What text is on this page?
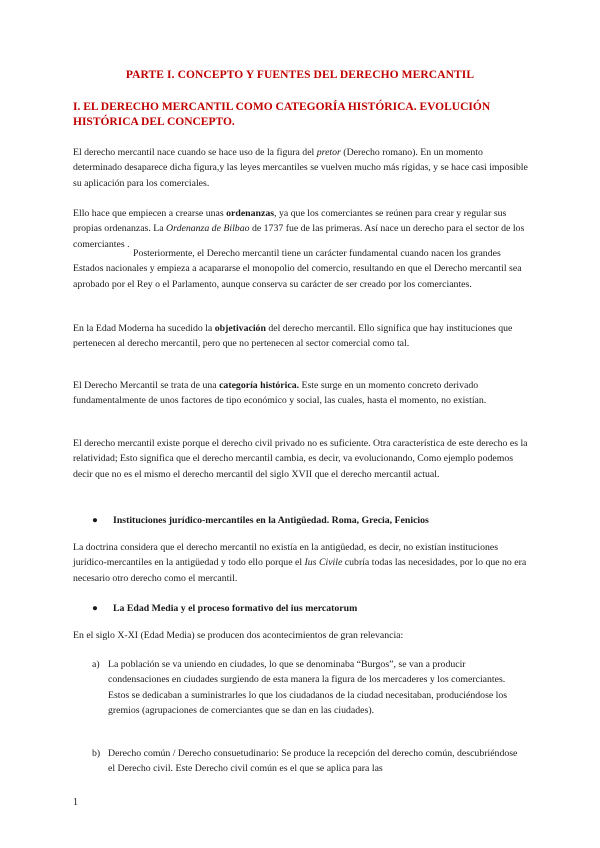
PARTE I. CONCEPTO Y FUENTES DEL DERECHO MERCANTIL
I. EL DERECHO MERCANTIL COMO CATEGORÍA HISTÓRICA. EVOLUCIÓN HISTÓRICA DEL CONCEPTO.

El derecho mercantil nace cuando se hace uso de la figura del pretor (Derecho romano). En un momento determinado desaparece dicha figura,y las leyes mercantiles se vuelven mucho más rígidas, y se hace casi imposible su aplicación para los comerciales.

Ello hace que empiecen a crearse unas ordenanzas, ya que los comerciantes se reúnen para crear y regular sus propias ordenanzas. La Ordenanza de Bilbao de 1737 fue de las primeras. Así nace un derecho para el sector de los comerciantes .

Posteriormente, el Derecho mercantil tiene un carácter fundamental cuando nacen los grandes Estados nacionales y empieza a acapararse el monopolio del comercio, resultando en que el Derecho mercantil sea aprobado por el Rey o el Parlamento, aunque conserva su carácter de ser creado por los comerciantes.

En la Edad Moderna ha sucedido la objetivación del derecho mercantil. Ello significa que hay instituciones que pertenecen al derecho mercantil, pero que no pertenecen al sector comercial como tal.

El Derecho Mercantil se trata de una categoría histórica. Este surge en un momento concreto derivado fundamentalmente de unos factores de tipo económico y social, las cuales, hasta el momento, no existían.

El derecho mercantil existe porque el derecho civil privado no es suficiente. Otra característica de este derecho es la relatividad; Esto significa que el derecho mercantil cambia, es decir, va evolucionando, Como ejemplo podemos decir que no es el mismo el derecho mercantil del siglo XVII que el derecho mercantil actual.

● Instituciones jurídico-mercantiles en la Antigüedad. Roma, Grecia, Fenicios

La doctrina considera que el derecho mercantil no existía en la antigüedad, es decir, no existían instituciones jurídico-mercantiles en la antigüedad y todo ello porque el Ius Civile cubría todas las necesidades, por lo que no era necesario otro derecho como el mercantil.

● La Edad Media y el proceso formativo del ius mercatorum

En el siglo X-XI (Edad Media) se producen dos acontecimientos de gran relevancia:

a) La población se va uniendo en ciudades, lo que se denominaba “Burgos”, se van a producir condensaciones en ciudades surgiendo de esta manera la figura de los mercaderes y los comerciantes. Estos se dedicaban a suministrarles lo que los ciudadanos de la ciudad necesitaban, produciéndose los gremios (agrupaciones de comerciantes que se dan en las ciudades).
b) Derecho común / Derecho consuetudinario: Se produce la recepción del derecho común, descubriéndose el Derecho civil. Este Derecho civil común es el que se aplica para las
1
